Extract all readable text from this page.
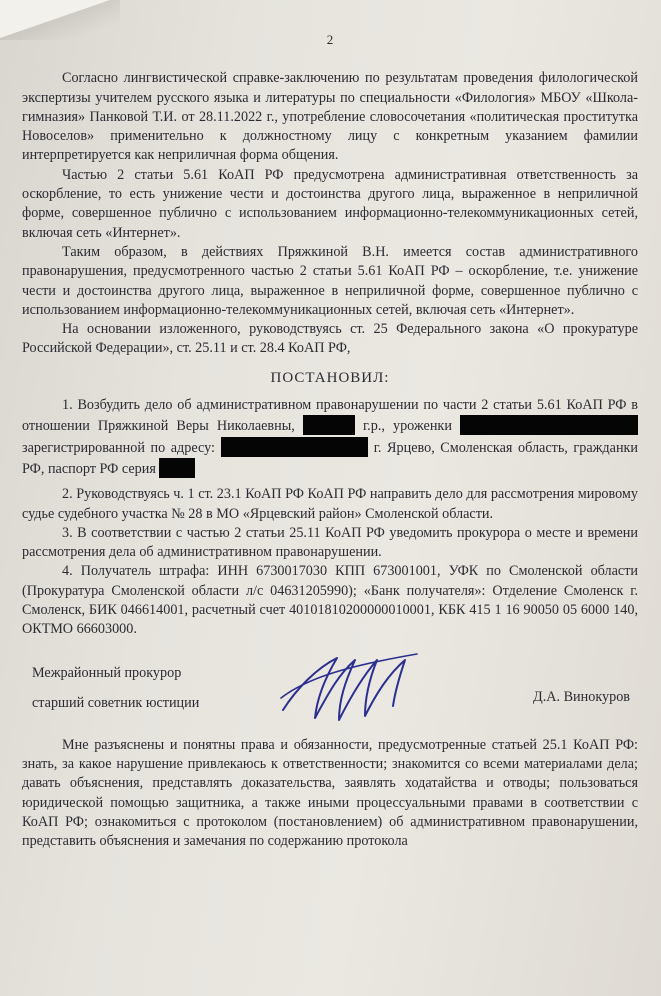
2

Согласно лингвистической справке-заключению по результатам проведения филологической экспертизы учителем русского языка и литературы по специальности «Филология» МБОУ «Школа-гимназия» Панковой Т.И. от 28.11.2022 г., употребление словосочетания «политическая проститутка Новоселов» применительно к должностному лицу с конкретным указанием фамилии интерпретируется как неприличная форма общения.

Частью 2 статьи 5.61 КоАП РФ предусмотрена административная ответственность за оскорбление, то есть унижение чести и достоинства другого лица, выраженное в неприличной форме, совершенное публично с использованием информационно-телекоммуникационных сетей, включая сеть «Интернет».

Таким образом, в действиях Пряжкиной В.Н. имеется состав административного правонарушения, предусмотренного частью 2 статьи 5.61 КоАП РФ – оскорбление, т.е. унижение чести и достоинства другого лица, выраженное в неприличной форме, совершенное публично с использованием информационно-телекоммуникационных сетей, включая сеть «Интернет».

На основании изложенного, руководствуясь ст. 25 Федерального закона «О прокуратуре Российской Федерации», ст. 25.11 и ст. 28.4 КоАП РФ,

ПОСТАНОВИЛ:

1. Возбудить дело об административном правонарушении по части 2 статьи 5.61 КоАП РФ в отношении Пряжкиной Веры Николаевны,	г.р., уроженки  зарегистрированной по адресу:	г. Ярцево, Смоленская область, гражданки РФ, паспорт РФ серия

2. Руководствуясь ч. 1 ст. 23.1 КоАП РФ КоАП РФ направить дело для рассмотрения мировому судье судебного участка № 28 в МО «Ярцевский район» Смоленской области.

3. В соответствии с частью 2 статьи 25.11 КоАП РФ уведомить прокурора о месте и времени рассмотрения дела об административном правонарушении.

4. Получатель штрафа: ИНН 6730017030 КПП 673001001, УФК по Смоленской области (Прокуратура Смоленской области л/с 04631205990); «Банк получателя»: Отделение Смоленск г. Смоленск, БИК 046614001, расчетный счет 40101810200000010001, КБК 415 1 16 90050 05 6000 140, ОКТМО 66603000.

Межрайонный прокурор
старший советник юстиции	Д.А. Винокуров

Мне разъяснены и понятны права и обязанности, предусмотренные статьей 25.1 КоАП РФ: знать, за какое нарушение привлекаюсь к ответственности; знакомится со всеми материалами дела; давать объяснения, представлять доказательства, заявлять ходатайства и отводы; пользоваться юридической помощью защитника, а также иными процессуальными правами в соответствии с КоАП РФ; ознакомиться с протоколом (постановлением) об административном правонарушении, представить объяснения и замечания по содержанию протокола
